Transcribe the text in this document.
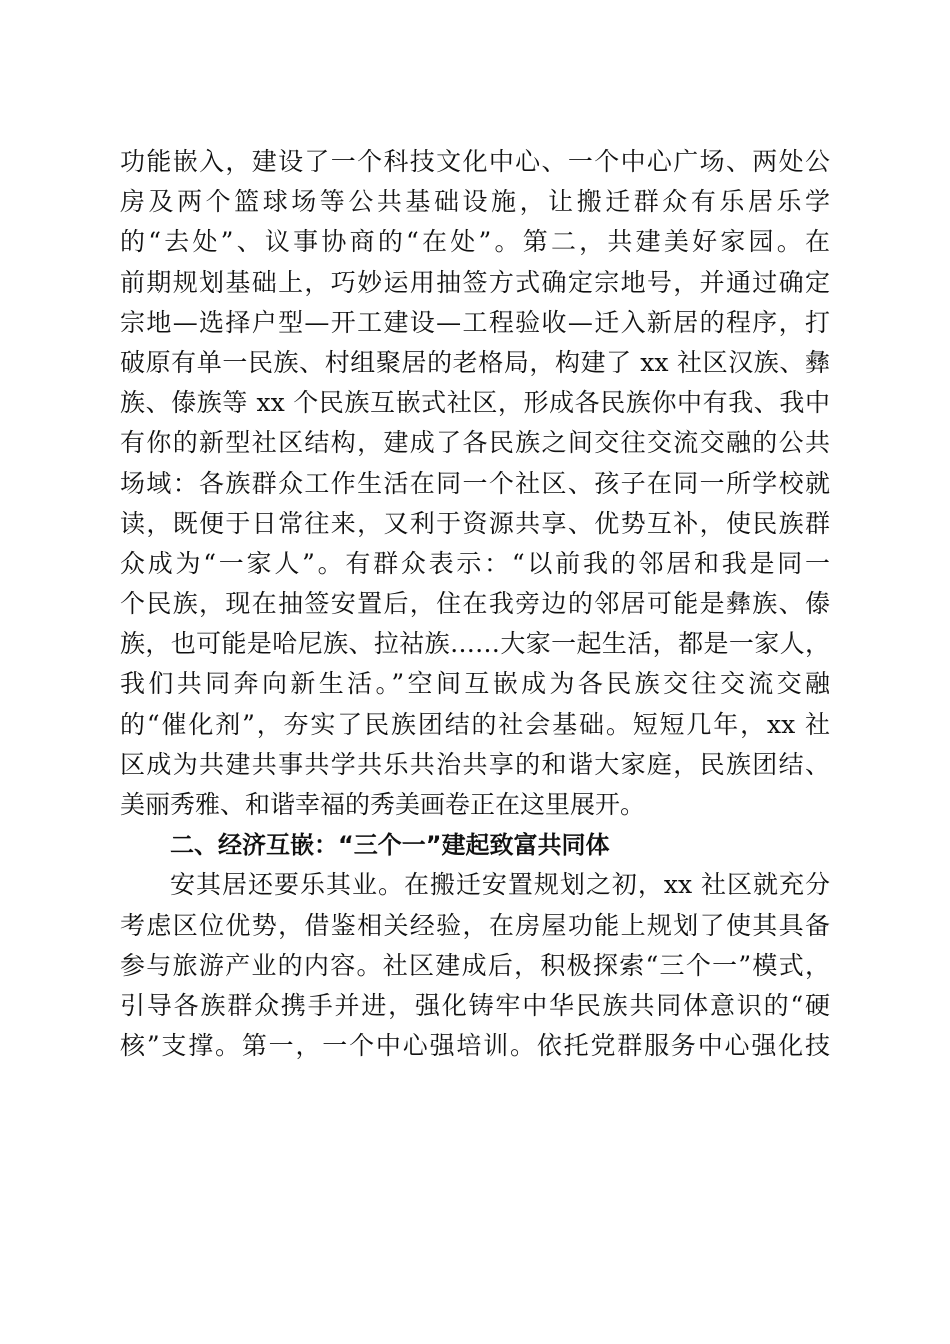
功能嵌入，建设了一个科技文化中心、一个中心广场、两处公
房及两个篮球场等公共基础设施，让搬迁群众有乐居乐学
的“去处”、议事协商的“在处”。第二，共建美好家园。在
前期规划基础上，巧妙运用抽签方式确定宗地号，并通过确定
宗地—选择户型—开工建设—工程验收—迁入新居的程序，打
破原有单一民族、村组聚居的老格局，构建了 xx 社区汉族、彝
族、傣族等 xx 个民族互嵌式社区，形成各民族你中有我、我中
有你的新型社区结构，建成了各民族之间交往交流交融的公共
场域：各族群众工作生活在同一个社区、孩子在同一所学校就
读，既便于日常往来，又利于资源共享、优势互补，使民族群
众成为“一家人”。有群众表示：“以前我的邻居和我是同一
个民族，现在抽签安置后，住在我旁边的邻居可能是彝族、傣
族，也可能是哈尼族、拉祜族……大家一起生活，都是一家人，
我们共同奔向新生活。”空间互嵌成为各民族交往交流交融
的“催化剂”，夯实了民族团结的社会基础。短短几年，xx 社
区成为共建共事共学共乐共治共享的和谐大家庭，民族团结、
美丽秀雅、和谐幸福的秀美画卷正在这里展开。
二、经济互嵌：“三个一”建起致富共同体
安其居还要乐其业。在搬迁安置规划之初，xx 社区就充分
考虑区位优势，借鉴相关经验，在房屋功能上规划了使其具备
参与旅游产业的内容。社区建成后，积极探索“三个一”模式，
引导各族群众携手并进，强化铸牢中华民族共同体意识的“硬
核”支撑。第一，一个中心强培训。依托党群服务中心强化技
